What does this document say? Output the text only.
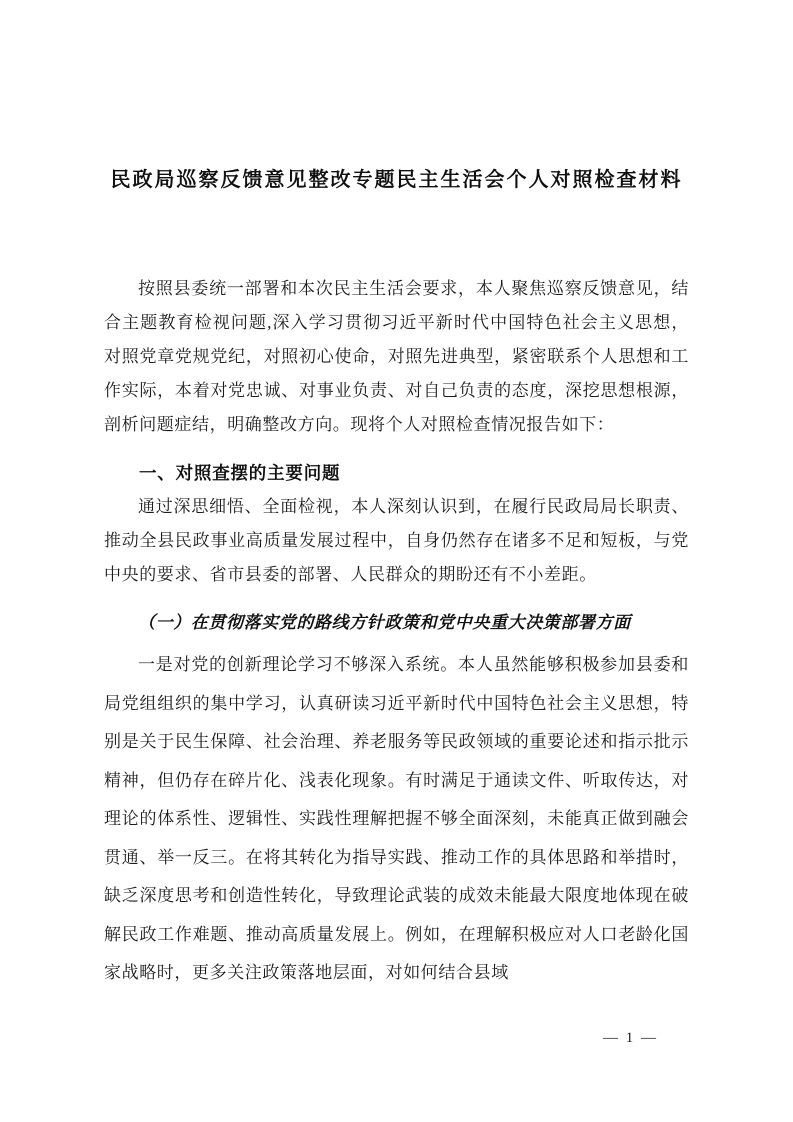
民政局巡察反馈意见整改专题民主生活会个人对照检查材料

按照县委统一部署和本次民主生活会要求，本人聚焦巡察反馈意见，结合主题教育检视问题,深入学习贯彻习近平新时代中国特色社会主义思想，对照党章党规党纪，对照初心使命，对照先进典型，紧密联系个人思想和工作实际，本着对党忠诚、对事业负责、对自己负责的态度，深挖思想根源，剖析问题症结，明确整改方向。现将个人对照检查情况报告如下：

一、对照查摆的主要问题

通过深思细悟、全面检视，本人深刻认识到，在履行民政局局长职责、推动全县民政事业高质量发展过程中，自身仍然存在诸多不足和短板，与党中央的要求、省市县委的部署、人民群众的期盼还有不小差距。

（一）在贯彻落实党的路线方针政策和党中央重大决策部署方面

一是对党的创新理论学习不够深入系统。本人虽然能够积极参加县委和局党组组织的集中学习，认真研读习近平新时代中国特色社会主义思想，特别是关于民生保障、社会治理、养老服务等民政领域的重要论述和指示批示精神，但仍存在碎片化、浅表化现象。有时满足于通读文件、听取传达，对理论的体系性、逻辑性、实践性理解把握不够全面深刻，未能真正做到融会贯通、举一反三。在将其转化为指导实践、推动工作的具体思路和举措时，缺乏深度思考和创造性转化，导致理论武装的成效未能最大限度地体现在破解民政工作难题、推动高质量发展上。例如，在理解积极应对人口老龄化国家战略时，更多关注政策落地层面，对如何结合县域

— 1 —
